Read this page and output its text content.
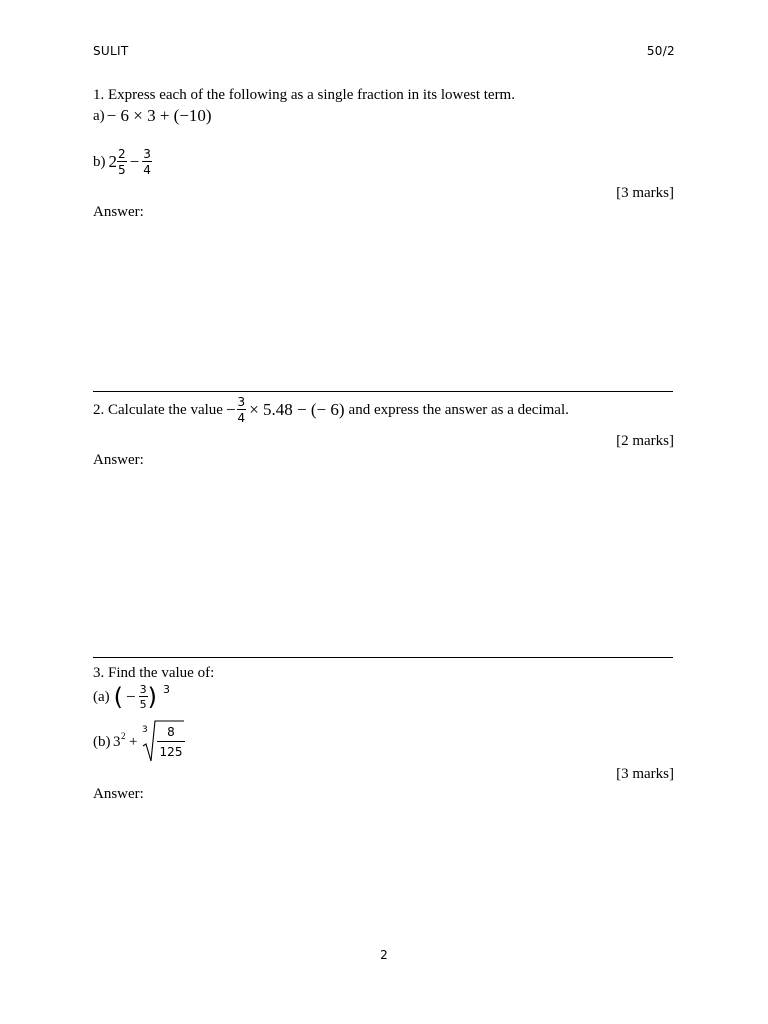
SULIT	50/2
1. Express each of the following as a single fraction in its lowest term.
a) − 6 × 3 + (−10)
b) $2 \frac{2}{5} - \frac{3}{4}$
[3 marks]
Answer:
2. Calculate the value − $\frac{3}{4} \times 5.48$ − (− 6) and express the answer as a decimal.
[2 marks]
Answer:
3. Find the value of:
(a) ( − $\frac{3}{5}$ ) 3
(b) 3 2 +
3	8
125
[3 marks]
Answer:
2
